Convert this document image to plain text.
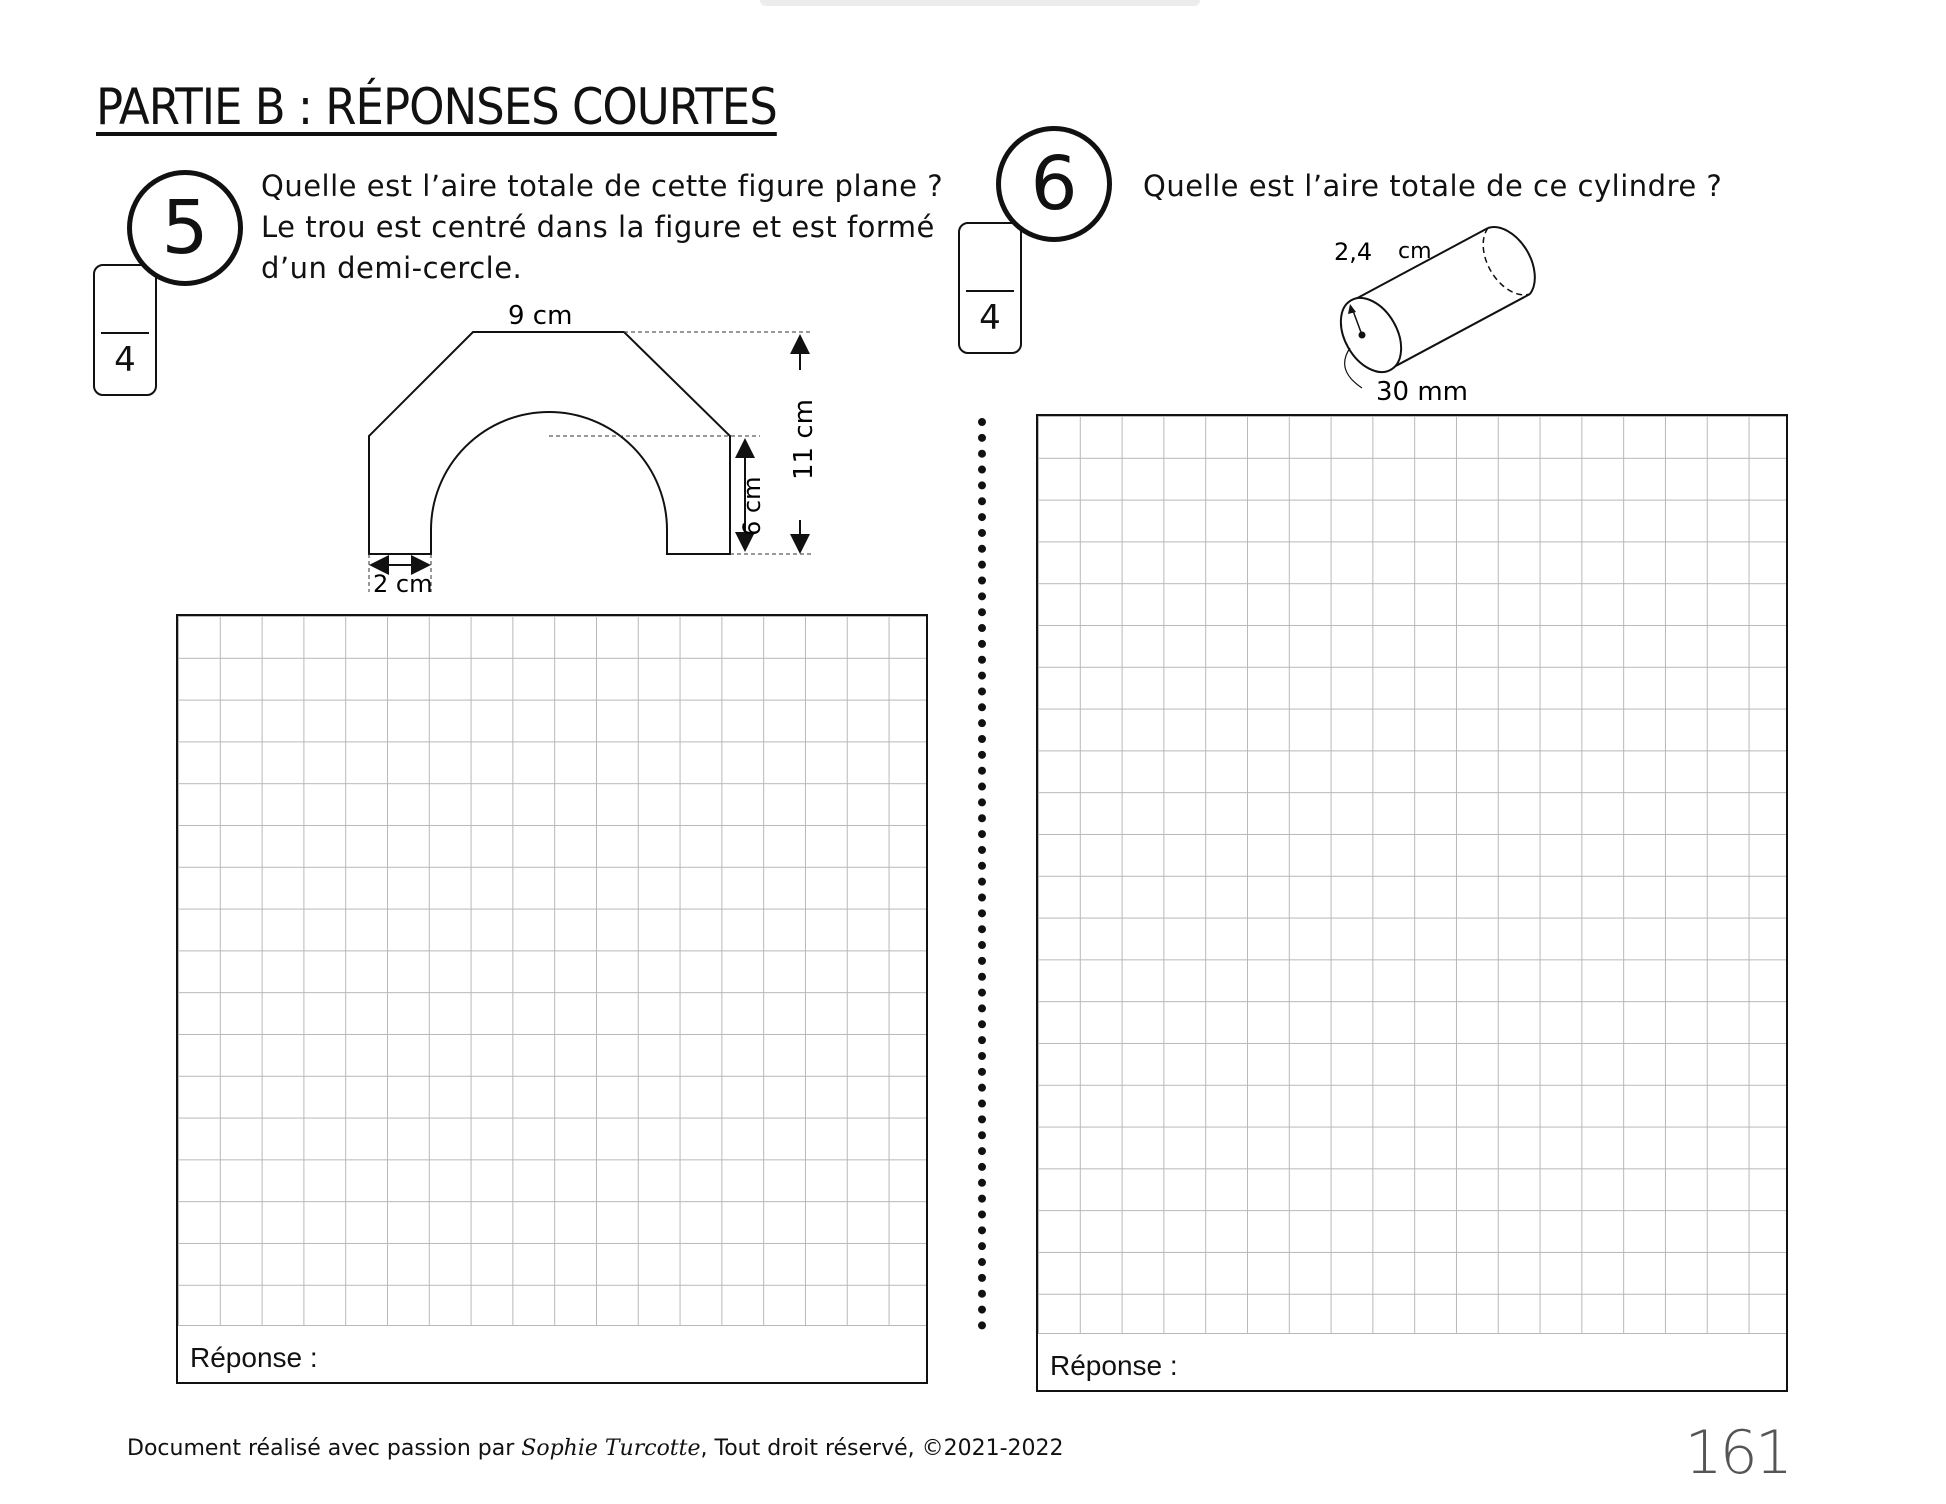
PARTIE B : RÉPONSES COURTES
4
5 Quelle est l’aire totale de cette figure plane ?
Le trou est centré dans la figure et est formé
d’un demi-cercle.
11 cm
6 cm
2 cm
9 cm
Réponse :
4
6 Quelle est l’aire totale de ce cylindre ?
2,4 cm
30 mm
Réponse :
Document réalisé avec passion par Sophie Turcotte, Tout droit réservé, ©2021-2022	161
